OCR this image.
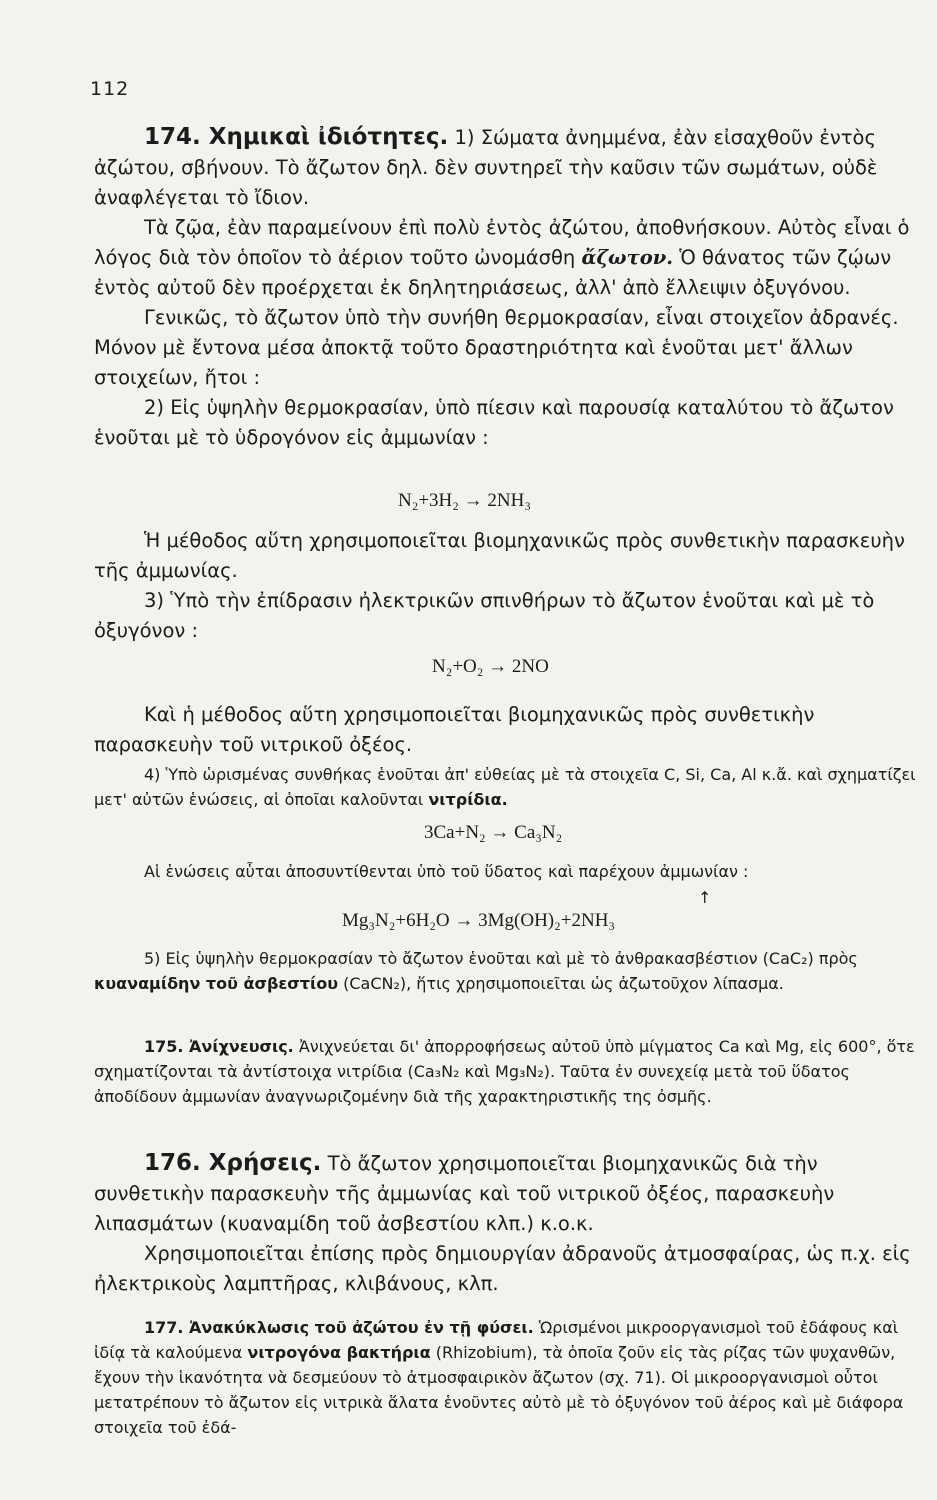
112

174. Χημικαὶ ἰδιότητες. 1) Σώματα ἀνημμένα, ἐὰν εἰσαχθοῦν ἐντὸς ἀζώτου, σβήνουν. Τὸ ἄζωτον δηλ. δὲν συντηρεῖ τὴν καῦσιν τῶν σωμάτων, οὐδὲ ἀναφλέγεται τὸ ἴδιον.

Τὰ ζῷα, ἐὰν παραμείνουν ἐπὶ πολὺ ἐντὸς ἀζώτου, ἀποθνήσκουν. Αὐτὸς εἶναι ὁ λόγος διὰ τὸν ὁποῖον τὸ ἀέριον τοῦτο ὠνομάσθη ἄζωτον. Ὁ θάνατος τῶν ζῴων ἐντὸς αὐτοῦ δὲν προέρχεται ἐκ δηλητηριάσεως, ἀλλ' ἀπὸ ἔλλειψιν ὀξυγόνου.

Γενικῶς, τὸ ἄζωτον ὑπὸ τὴν συνήθη θερμοκρασίαν, εἶναι στοιχεῖον ἀδρανές. Μόνον μὲ ἔντονα μέσα ἀποκτᾷ τοῦτο δραστηριότητα καὶ ἑνοῦται μετ' ἄλλων στοιχείων, ἤτοι :

2) Εἰς ὑψηλὴν θερμοκρασίαν, ὑπὸ πίεσιν καὶ παρουσίᾳ καταλύτου τὸ ἄζωτον ἑνοῦται μὲ τὸ ὑδρογόνον εἰς ἀμμωνίαν :

N₂+3H₂ → 2NH₃

Ἡ μέθοδος αὕτη χρησιμοποιεῖται βιομηχανικῶς πρὸς συνθετικὴν παρασκευὴν τῆς ἀμμωνίας.

3) Ὑπὸ τὴν ἐπίδρασιν ἠλεκτρικῶν σπινθήρων τὸ ἄζωτον ἑνοῦται καὶ μὲ τὸ ὀξυγόνον :

N₂+O₂ → 2NO

Καὶ ἡ μέθοδος αὕτη χρησιμοποιεῖται βιομηχανικῶς πρὸς συνθετικὴν παρασκευὴν τοῦ νιτρικοῦ ὀξέος.

4) Ὑπὸ ὡρισμένας συνθήκας ἑνοῦται ἀπ' εὐθείας μὲ τὰ στοιχεῖα C, Si, Ca, Al κ.ἄ. καὶ σχηματίζει μετ' αὐτῶν ἑνώσεις, αἱ ὁποῖαι καλοῦνται νιτρίδια.

3Ca+N₂ → Ca₃N₂

Αἱ ἑνώσεις αὗται ἀποσυντίθενται ὑπὸ τοῦ ὕδατος καὶ παρέχουν ἀμμωνίαν :

↑
Mg₃N₂+6H₂O → 3Mg(OH)₂+2NH₃

5) Εἰς ὑψηλὴν θερμοκρασίαν τὸ ἄζωτον ἑνοῦται καὶ μὲ τὸ ἀνθρακασβέστιον (CaC₂) πρὸς κυαναμίδην τοῦ ἀσβεστίου (CaCN₂), ἥτις χρησιμοποιεῖται ὡς ἀζωτοῦχον λίπασμα.

175. Ἀνίχνευσις. Ἀνιχνεύεται δι' ἀπορροφήσεως αὐτοῦ ὑπὸ μίγματος Ca καὶ Mg, εἰς 600°, ὅτε σχηματίζονται τὰ ἀντίστοιχα νιτρίδια (Ca₃N₂ καὶ Mg₃N₂). Ταῦτα ἐν συνεχείᾳ μετὰ τοῦ ὕδατος ἀποδίδουν ἀμμωνίαν ἀναγνωριζομένην διὰ τῆς χαρακτηριστικῆς της ὀσμῆς.

176. Χρήσεις. Τὸ ἄζωτον χρησιμοποιεῖται βιομηχανικῶς διὰ τὴν συνθετικὴν παρασκευὴν τῆς ἀμμωνίας καὶ τοῦ νιτρικοῦ ὀξέος, παρασκευὴν λιπασμάτων (κυαναμίδη τοῦ ἀσβεστίου κλπ.) κ.ο.κ.

Χρησιμοποιεῖται ἐπίσης πρὸς δημιουργίαν ἀδρανοῦς ἀτμοσφαίρας, ὡς π.χ. εἰς ἠλεκτρικοὺς λαμπτῆρας, κλιβάνους, κλπ.

177. Ἀνακύκλωσις τοῦ ἀζώτου ἐν τῇ φύσει. Ὡρισμένοι μικροοργανισμοὶ τοῦ ἐδάφους καὶ ἰδίᾳ τὰ καλούμενα νιτρογόνα βακτήρια (Rhizobium), τὰ ὁποῖα ζοῦν εἰς τὰς ρίζας τῶν ψυχανθῶν, ἔχουν τὴν ἱκανότητα νὰ δεσμεύουν τὸ ἀτμοσφαιρικὸν ἄζωτον (σχ. 71). Οἱ μικροοργανισμοὶ οὗτοι μετατρέπουν τὸ ἄζωτον εἰς νιτρικὰ ἅλατα ἑνοῦντες αὐτὸ μὲ τὸ ὀξυγόνον τοῦ ἀέρος καὶ μὲ διάφορα στοιχεῖα τοῦ ἐδά-
